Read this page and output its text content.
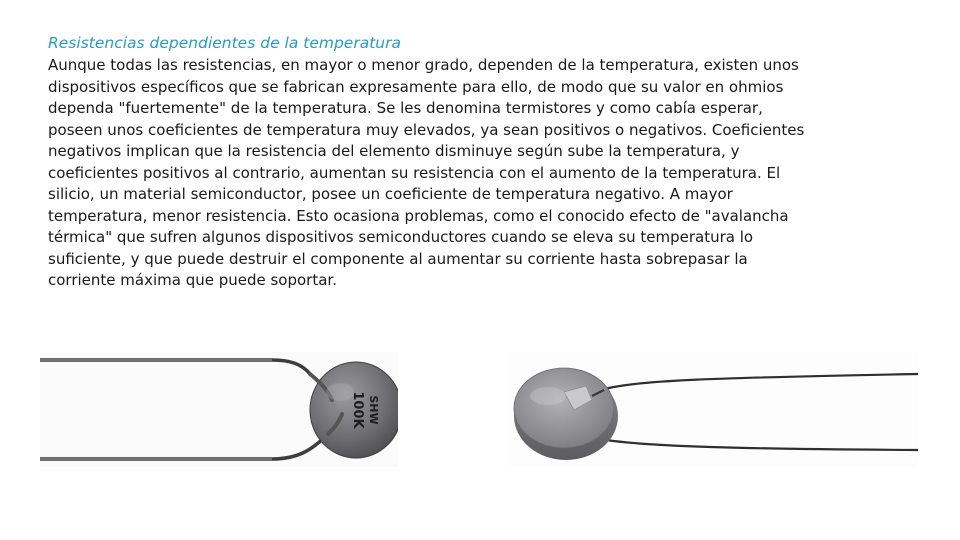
Resistencias dependientes de la temperatura
Aunque todas las resistencias, en mayor o menor grado, dependen de la temperatura, existen unos
dispositivos específicos que se fabrican expresamente para ello, de modo que su valor en ohmios
dependa "fuertemente" de la temperatura. Se les denomina termistores y como cabía esperar,
poseen unos coeficientes de temperatura muy elevados, ya sean positivos o negativos. Coeficientes
negativos implican que la resistencia del elemento disminuye según sube la temperatura, y
coeficientes positivos al contrario, aumentan su resistencia con el aumento de la temperatura. El
silicio, un material semiconductor, posee un coeficiente de temperatura negativo. A mayor
temperatura, menor resistencia. Esto ocasiona problemas, como el conocido efecto de "avalancha
térmica" que sufren algunos dispositivos semiconductores cuando se eleva su temperatura lo
suficiente, y que puede destruir el componente al aumentar su corriente hasta sobrepasar la
corriente máxima que puede soportar.
SHW
100K
